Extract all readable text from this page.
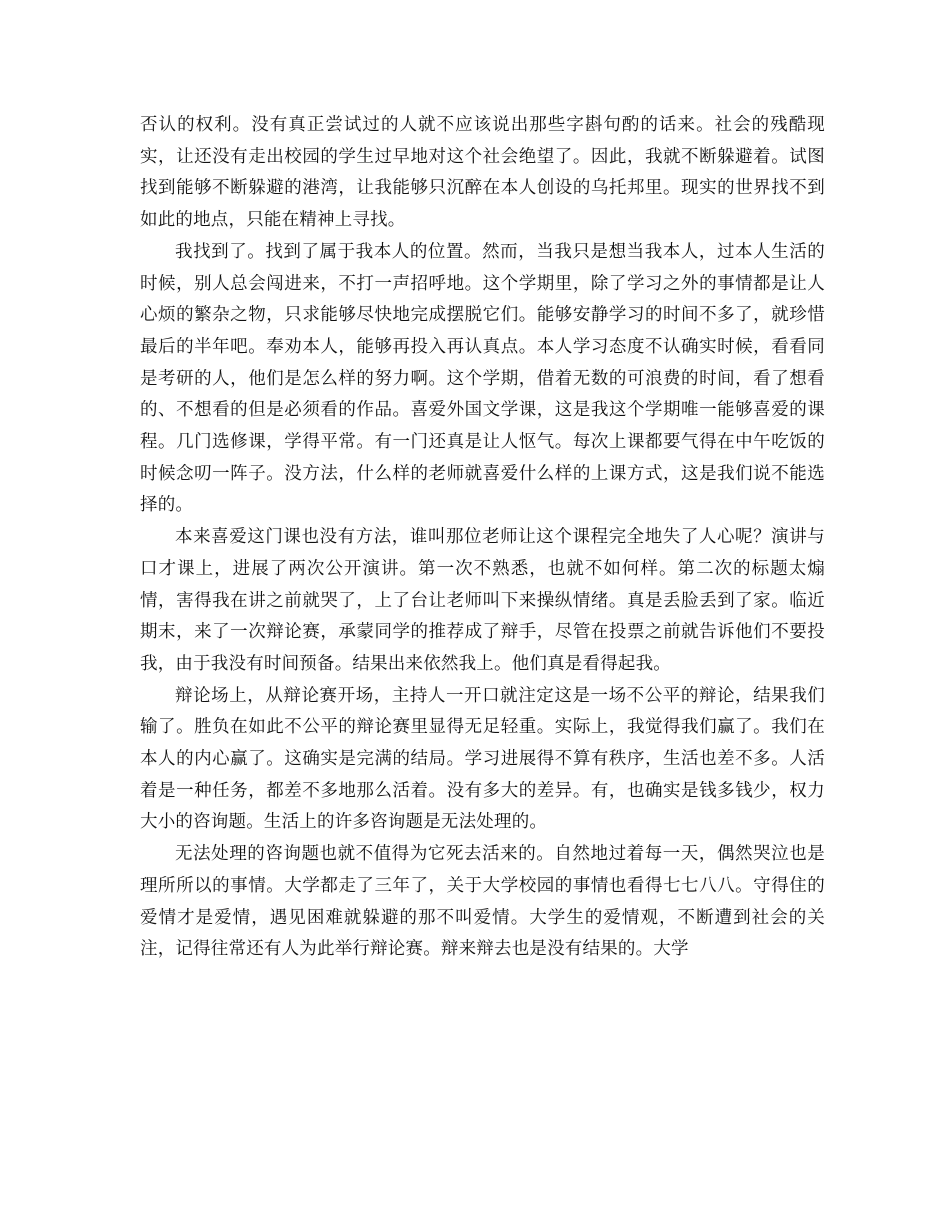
否认的权利。没有真正尝试过的人就不应该说出那些字斟句酌的话来。社会的残酷现实，让还没有走出校园的学生过早地对这个社会绝望了。因此，我就不断躲避着。试图找到能够不断躲避的港湾，让我能够只沉醉在本人创设的乌托邦里。现实的世界找不到如此的地点，只能在精神上寻找。

我找到了。找到了属于我本人的位置。然而，当我只是想当我本人，过本人生活的时候，别人总会闯进来，不打一声招呼地。这个学期里，除了学习之外的事情都是让人心烦的繁杂之物，只求能够尽快地完成摆脱它们。能够安静学习的时间不多了，就珍惜最后的半年吧。奉劝本人，能够再投入再认真点。本人学习态度不认确实时候，看看同是考研的人，他们是怎么样的努力啊。这个学期，借着无数的可浪费的时间，看了想看的、不想看的但是必须看的作品。喜爱外国文学课，这是我这个学期唯一能够喜爱的课程。几门选修课，学得平常。有一门还真是让人怄气。每次上课都要气得在中午吃饭的时候念叨一阵子。没方法，什么样的老师就喜爱什么样的上课方式，这是我们说不能选择的。

本来喜爱这门课也没有方法，谁叫那位老师让这个课程完全地失了人心呢？演讲与口才课上，进展了两次公开演讲。第一次不熟悉，也就不如何样。第二次的标题太煽情，害得我在讲之前就哭了，上了台让老师叫下来操纵情绪。真是丢脸丢到了家。临近期末，来了一次辩论赛，承蒙同学的推荐成了辩手，尽管在投票之前就告诉他们不要投我，由于我没有时间预备。结果出来依然我上。他们真是看得起我。

辩论场上，从辩论赛开场，主持人一开口就注定这是一场不公平的辩论，结果我们输了。胜负在如此不公平的辩论赛里显得无足轻重。实际上，我觉得我们赢了。我们在本人的内心赢了。这确实是完满的结局。学习进展得不算有秩序，生活也差不多。人活着是一种任务，都差不多地那么活着。没有多大的差异。有，也确实是钱多钱少，权力大小的咨询题。生活上的许多咨询题是无法处理的。

无法处理的咨询题也就不值得为它死去活来的。自然地过着每一天，偶然哭泣也是理所所以的事情。大学都走了三年了，关于大学校园的事情也看得七七八八。守得住的爱情才是爱情，遇见困难就躲避的那不叫爱情。大学生的爱情观，不断遭到社会的关注，记得往常还有人为此举行辩论赛。辩来辩去也是没有结果的。大学
